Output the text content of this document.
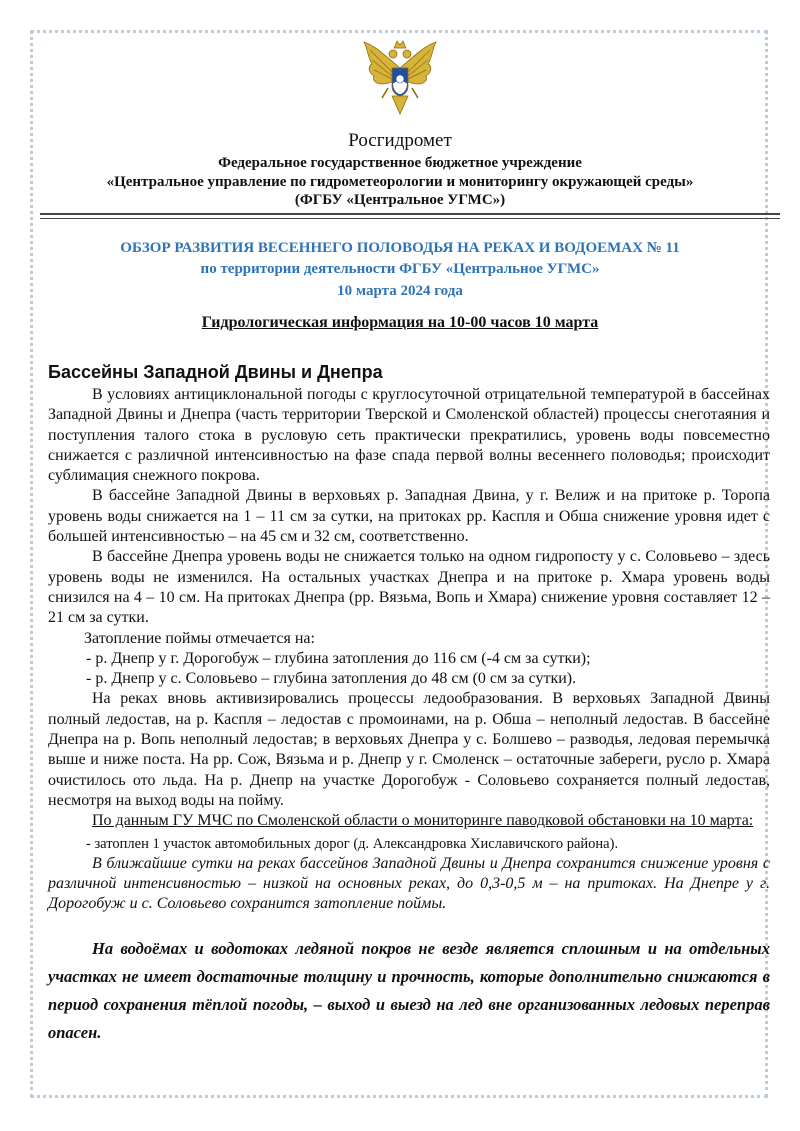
Росгидромет
Федеральное государственное бюджетное учреждение
«Центральное управление по гидрометеорологии и мониторингу окружающей среды»
(ФГБУ «Центральное УГМС»)
ОБЗОР РАЗВИТИЯ ВЕСЕННЕГО ПОЛОВОДЬЯ НА РЕКАХ И ВОДОЕМАХ № 11
по территории деятельности ФГБУ «Центральное УГМС»
10 марта 2024 года
Гидрологическая информация на 10-00 часов 10 марта
Бассейны Западной Двины и Днепра

В условиях антициклональной погоды с круглосуточной отрицательной температурой в бассейнах Западной Двины и Днепра (часть территории Тверской и Смоленской областей) процессы снеготаяния и поступления талого стока в русловую сеть практически прекратились, уровень воды повсеместно снижается с различной интенсивностью на фазе спада первой волны весеннего половодья; происходит сублимация снежного покрова.

В бассейне Западной Двины в верховьях р. Западная Двина, у г. Велиж и на притоке р. Торопа уровень воды снижается на 1 – 11 см за сутки, на притоках рр. Каспля и Обша снижение уровня идет с большей интенсивностью – на 45 см и 32 см, соответственно.

В бассейне Днепра уровень воды не снижается только на одном гидропосту у с. Соловьево – здесь уровень воды не изменился. На остальных участках Днепра и на притоке р. Хмара уровень воды снизился на 4 – 10 см. На притоках Днепра (рр. Вязьма, Вопь и Хмара) снижение уровня составляет 12 – 21 см за сутки.

Затопление поймы отмечается на:

- р. Днепр у г. Дорогобуж – глубина затопления до 116 см (-4 см за сутки);

- р. Днепр у с. Соловьево – глубина затопления до 48 см (0 см за сутки).

На реках вновь активизировались процессы ледообразования. В верховьях Западной Двины полный ледостав, на р. Каспля – ледостав с промоинами, на р. Обша – неполный ледостав. В бассейне Днепра на р. Вопь неполный ледостав; в верховьях Днепра у с. Болшево – разводья, ледовая перемычка выше и ниже поста. На рр. Сож, Вязьма и р. Днепр у г. Смоленск – остаточные забереги, русло р. Хмара очистилось ото льда. На р. Днепр на участке Дорогобуж - Соловьево сохраняется полный ледостав, несмотря на выход воды на пойму.

По данным ГУ МЧС по Смоленской области о мониторинге паводковой обстановки на 10 марта:

- затоплен 1 участок автомобильных дорог (д. Александровка Хиславичского района).

В ближайшие сутки на реках бассейнов Западной Двины и Днепра сохранится снижение уровня с различной интенсивностью – низкой на основных реках, до 0,3-0,5 м – на притоках. На Днепре у г. Дорогобуж и с. Соловьево сохранится затопление поймы.

На водоёмах и водотоках ледяной покров не везде является сплошным и на отдельных участках не имеет достаточные толщину и прочность, которые дополнительно снижаются в период сохранения тёплой погоды, – выход и выезд на лед вне организованных ледовых переправ опасен.
